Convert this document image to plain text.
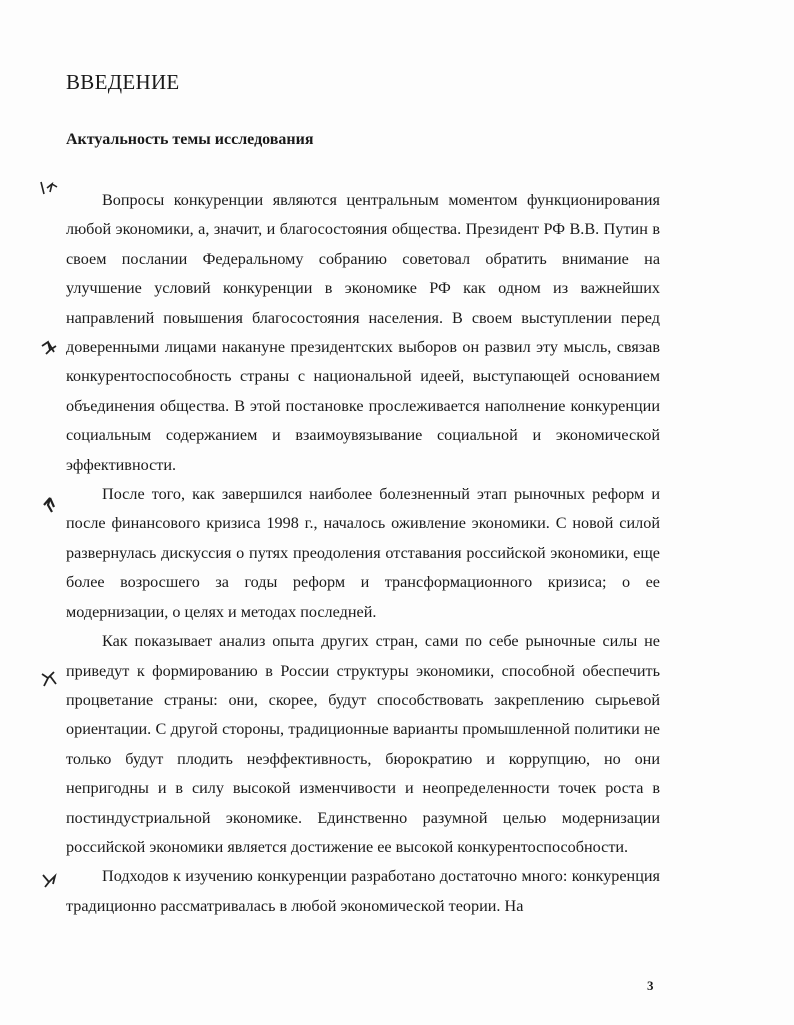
ВВЕДЕНИЕ
Актуальность темы исследования

Вопросы конкуренции являются центральным моментом функционирования любой экономики, а, значит, и благосостояния общества. Президент РФ В.В. Путин в своем послании Федеральному собранию советовал обратить внимание на улучшение условий конкуренции в экономике РФ как одном из важнейших направлений повышения благосостояния населения. В своем выступлении перед доверенными лицами накануне президентских выборов он развил эту мысль, связав конкурентоспособность страны с национальной идеей, выступающей основанием объединения общества. В этой постановке прослеживается наполнение конкуренции социальным содержанием и взаимоувязывание социальной и экономической эффективности.

После того, как завершился наиболее болезненный этап рыночных реформ и после финансового кризиса 1998 г., началось оживление экономики. С новой силой развернулась дискуссия о путях преодоления отставания российской экономики, еще более возросшего за годы реформ и трансформационного кризиса; о ее модернизации, о целях и методах последней.

Как показывает анализ опыта других стран, сами по себе рыночные силы не приведут к формированию в России структуры экономики, способной обеспечить процветание страны: они, скорее, будут способствовать закреплению сырьевой ориентации. С другой стороны, традиционные варианты промышленной политики не только будут плодить неэффективность, бюрократию и коррупцию, но они непригодны и в силу высокой изменчивости и неопределенности точек роста в постиндустриальной экономике. Единственно разумной целью модернизации российской экономики является достижение ее высокой конкурентоспособности.

Подходов к изучению конкуренции разработано достаточно много: конкуренция традиционно рассматривалась в любой экономической теории. На

3
